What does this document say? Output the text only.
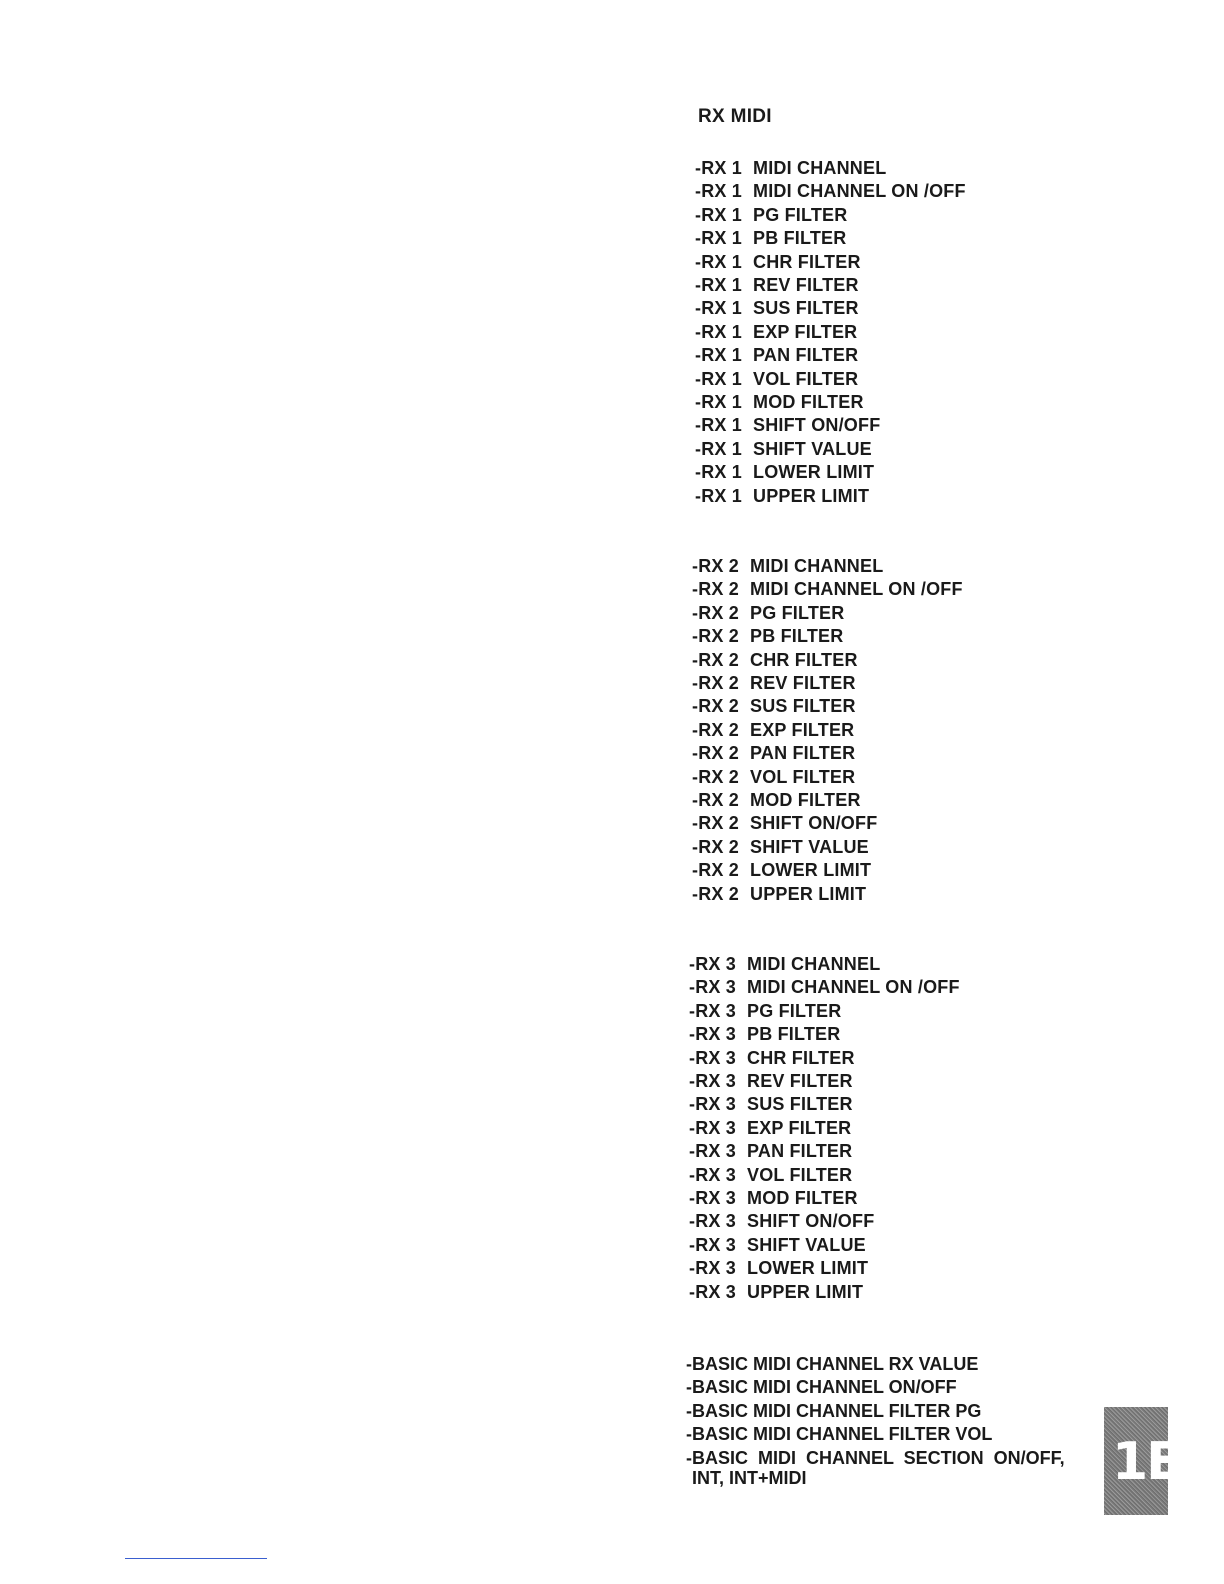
RX MIDI
-RX 1 MIDI CHANNEL
-RX 1 MIDI CHANNEL ON /OFF
-RX 1 PG FILTER
-RX 1 PB FILTER
-RX 1 CHR FILTER
-RX 1 REV FILTER
-RX 1 SUS FILTER
-RX 1 EXP FILTER
-RX 1 PAN FILTER
-RX 1 VOL FILTER
-RX 1 MOD FILTER
-RX 1 SHIFT ON/OFF
-RX 1 SHIFT VALUE
-RX 1 LOWER LIMIT
-RX 1 UPPER LIMIT
-RX 2 MIDI CHANNEL
-RX 2 MIDI CHANNEL ON /OFF
-RX 2 PG FILTER
-RX 2 PB FILTER
-RX 2 CHR FILTER
-RX 2 REV FILTER
-RX 2 SUS FILTER
-RX 2 EXP FILTER
-RX 2 PAN FILTER
-RX 2 VOL FILTER
-RX 2 MOD FILTER
-RX 2 SHIFT ON/OFF
-RX 2 SHIFT VALUE
-RX 2 LOWER LIMIT
-RX 2 UPPER LIMIT
-RX 3 MIDI CHANNEL
-RX 3 MIDI CHANNEL ON /OFF
-RX 3 PG FILTER
-RX 3 PB FILTER
-RX 3 CHR FILTER
-RX 3 REV FILTER
-RX 3 SUS FILTER
-RX 3 EXP FILTER
-RX 3 PAN FILTER
-RX 3 VOL FILTER
-RX 3 MOD FILTER
-RX 3 SHIFT ON/OFF
-RX 3 SHIFT VALUE
-RX 3 LOWER LIMIT
-RX 3 UPPER LIMIT
-BASIC MIDI CHANNEL RX VALUE
-BASIC MIDI CHANNEL ON/OFF
-BASIC MIDI CHANNEL FILTER PG
-BASIC MIDI CHANNEL FILTER VOL
-BASIC  MIDI  CHANNEL  SECTION  ON/OFF,
INT, INT+MIDI	1E
